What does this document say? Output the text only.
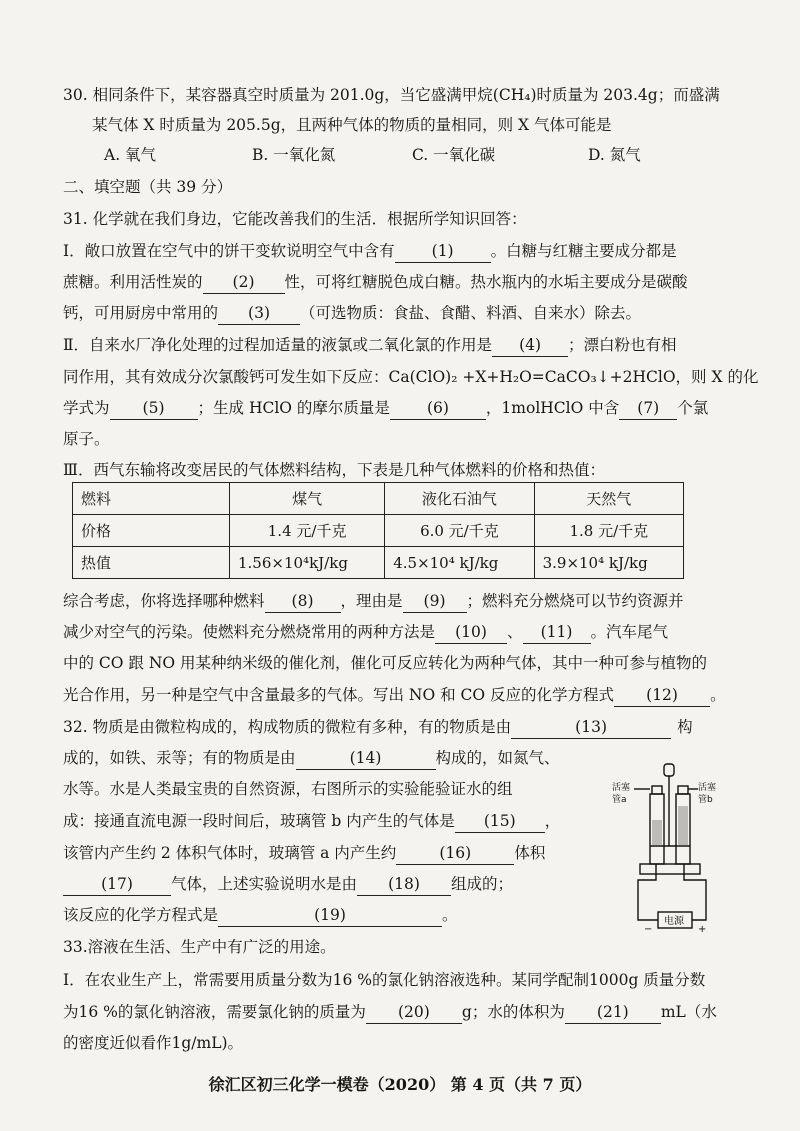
30. 相同条件下，某容器真空时质量为 201.0g，当它盛满甲烷(CH₄)时质量为 203.4g；而盛满
某气体 X 时质量为 205.5g，且两种气体的物质的量相同，则 X 气体可能是
A. 氧气	B. 一氧化氮	C. 一氧化碳	D. 氮气
二、填空题（共 39 分）
31. 化学就在我们身边，它能改善我们的生活．根据所学知识回答：
Ⅰ．敞口放置在空气中的饼干变软说明空气中含有 (1) 。白糖与红糖主要成分都是
蔗糖。利用活性炭的 (2) 性，可将红糖脱色成白糖。热水瓶内的水垢主要成分是碳酸
钙，可用厨房中常用的 (3) （可选物质：食盐、食醋、料酒、自来水）除去。
Ⅱ．自来水厂净化处理的过程加适量的液氯或二氧化氯的作用是 (4) ；漂白粉也有相
同作用，其有效成分次氯酸钙可发生如下反应：Ca(ClO)₂ +X+H₂O=CaCO₃↓+2HClO，则 X 的化
学式为 (5) ；生成 HClO 的摩尔质量是 (6) ，1molHClO 中含 (7) 个氯
原子。
Ⅲ．西气东输将改变居民的气体燃料结构，下表是几种气体燃料的价格和热值：
燃料	煤气	液化石油气	天然气
价格	1.4 元/千克	6.0 元/千克	1.8 元/千克
热值	1.56×10⁴kJ/kg	4.5×10⁴ kJ/kg	3.9×10⁴ kJ/kg
综合考虑，你将选择哪种燃料 (8) ，理由是 (9) ；燃料充分燃烧可以节约资源并
减少对空气的污染。使燃料充分燃烧常用的两种方法是 (10) 、 (11) 。汽车尾气
中的 CO 跟 NO 用某种纳米级的催化剂，催化可反应转化为两种气体，其中一种可参与植物的
光合作用，另一种是空气中含量最多的气体。写出 NO 和 CO 反应的化学方程式 (12) 。
32. 物质是由微粒构成的，构成物质的微粒有多种，有的物质是由	(13)	构
成的，如铁、汞等；有的物质是由	(14)	构成的，如氮气、
水等。水是人类最宝贵的自然资源，右图所示的实验能验证水的组
成：接通直流电源一段时间后，玻璃管 b 内产生的气体是 (15) ，
该管内产生约 2 体积气体时，玻璃管 a 内产生约	(16)	体积
(17) 气体，上述实验说明水是由 (18) 组成的；
该反应的化学方程式是	(19)	。
活塞
管a
活塞
管b
电源
−	+
33.溶液在生活、生产中有广泛的用途。
Ⅰ．在农业生产上，常需要用质量分数为16 %的氯化钠溶液选种。某同学配制1000g 质量分数
为16 %的氯化钠溶液，需要氯化钠的质量为 (20) g；水的体积为 (21) mL（水
的密度近似看作1g/mL)。
徐汇区初三化学一模卷（2020） 第 4 页（共 7 页）
